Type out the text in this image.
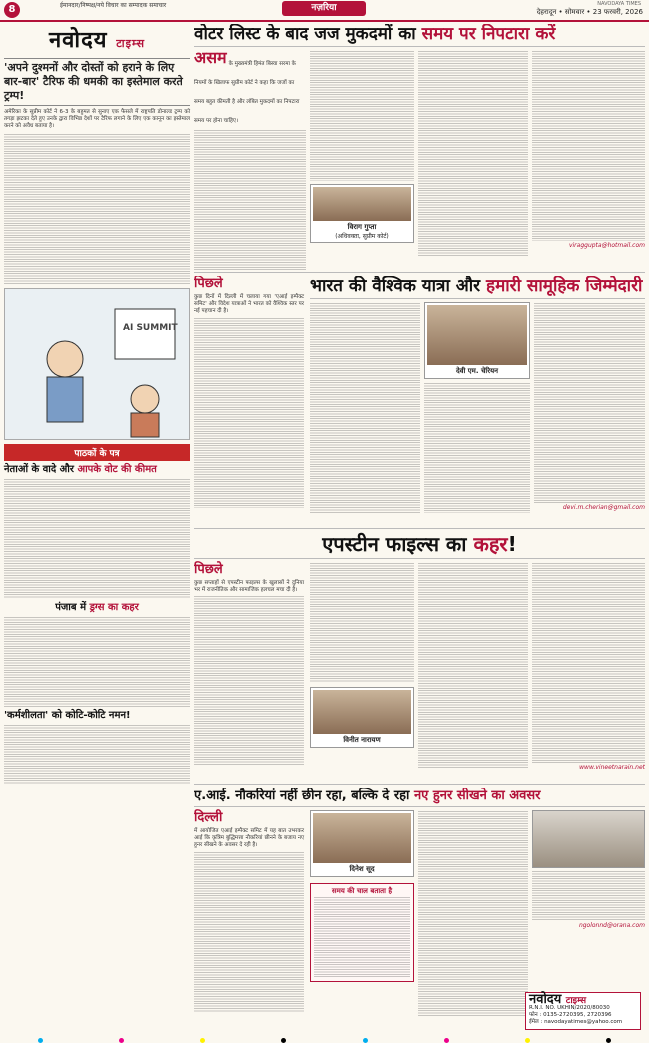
8	ईमानदार/निष्पक्ष/नये विचार का सम्पादक समाचार	नज़रिया	NAVODAYA TIMES
देहरादून • सोमवार • 23 फरवरी, 2026
नवोदय टाइम्स
'अपने दुश्मनों और दोस्तों को हराने के लिए बार-बार' टैरिफ की धमकी का इस्तेमाल करते ट्रम्प!

अमेरिका के सुप्रीम कोर्ट ने 6-3 के बहुमत से सुनाए एक फैसले में राष्ट्रपति डोनाल्ड ट्रम्प को तगड़ा झटका देते हुए उनके द्वारा विभिन्न देशों पर टैरिफ लगाने के लिए एक कानून का इस्तेमाल करने को अवैध बताया है।

AI SUMMIT
पाठकों के पत्र
नेताओं के वादे और आपके वोट की कीमत
पंजाब में ड्रग्स का कहर
'कर्मशीलता' को कोटि-कोटि नमन!
वोटर लिस्ट के बाद जज मुकदमों का समय पर निपटारा करें
असम के मुख्यमंत्री हिमंत बिस्वा सरमा के नियमों के खिलाफ सुप्रीम कोर्ट ने कहा कि जजों का समय बहुत कीमती है और लंबित मुकदमों का निपटारा समय पर होना चाहिए।
विराग गुप्ता
(अधिवक्ता, सुप्रीम कोर्ट)
viraggupta@hotmail.com
पिछले

कुछ दिनों में दिल्ली में चलाया गया 'एआई इम्पैक्ट समिट' और विदेश यात्राओं ने भारत को वैश्विक स्तर पर नई पहचान दी है।

भारत की वैश्विक यात्रा और हमारी सामूहिक जिम्मेदारी
देवी एम. चेरियन
devi.m.cherian@gmail.com
एपस्टीन फाइल्स का कहर!
पिछले

कुछ सप्ताहों से एपस्टीन फाइल्स के खुलासों ने दुनिया भर में राजनीतिक और सामाजिक हलचल मचा दी है।

विनीत नारायण
www.vineetnarain.net
ए.आई. नौकरियां नहीं छीन रहा, बल्कि दे रहा नए हुनर सीखने का अवसर
दिल्ली

में आयोजित एआई इम्पैक्ट समिट में यह बात उभरकर आई कि कृत्रिम बुद्धिमत्ता नौकरियां छीनने के बजाय नए हुनर सीखने के अवसर दे रही है।

दिनेश सूद
समय की चाल बताता है
ngolonnd@orana.com
नवोदय टाइम्स
R.N.I. NO. UKHIN/2020/80030
फोन : 0135-2720395, 2720396
ईमेल : navodayatimes@yahoo.com
